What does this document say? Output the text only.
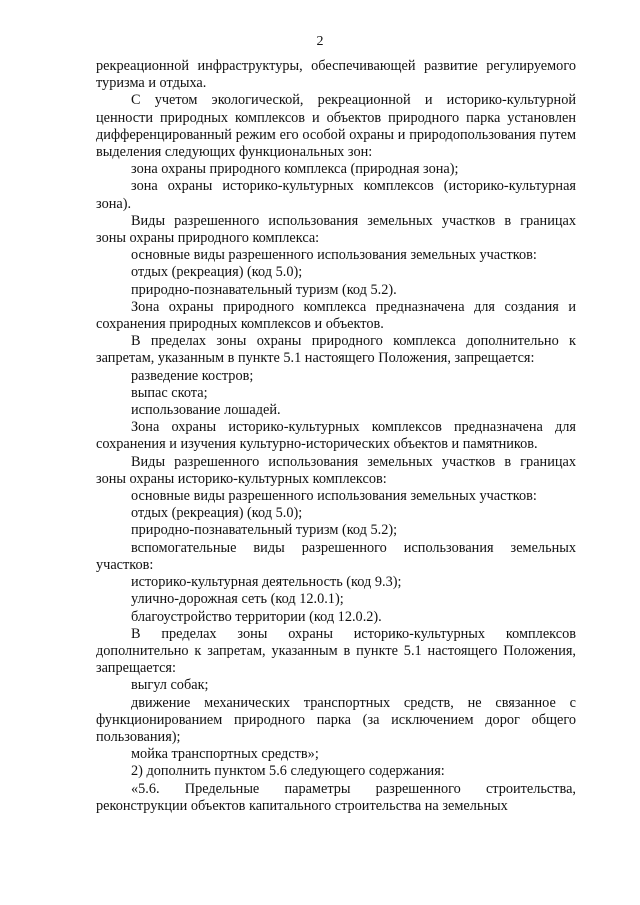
2

рекреационной инфраструктуры, обеспечивающей развитие регулируемого туризма и отдыха.

С учетом экологической, рекреационной и историко-культурной ценности природных комплексов и объектов природного парка установлен дифференцированный режим его особой охраны и природопользования путем выделения следующих функциональных зон:

зона охраны природного комплекса (природная зона);

зона охраны историко-культурных комплексов (историко-культурная зона).

Виды разрешенного использования земельных участков в границах зоны охраны природного комплекса:

основные виды разрешенного использования земельных участков:

отдых (рекреация) (код 5.0);

природно-познавательный туризм (код 5.2).

Зона охраны природного комплекса предназначена для создания и сохранения природных комплексов и объектов.

В пределах зоны охраны природного комплекса дополнительно к запретам, указанным в пункте 5.1 настоящего Положения, запрещается:

разведение костров;

выпас скота;

использование лошадей.

Зона охраны историко-культурных комплексов предназначена для сохранения и изучения культурно-исторических объектов и памятников.

Виды разрешенного использования земельных участков в границах зоны охраны историко-культурных комплексов:

основные виды разрешенного использования земельных участков:

отдых (рекреация) (код 5.0);

природно-познавательный туризм (код 5.2);

вспомогательные виды разрешенного использования земельных участков:

историко-культурная деятельность (код 9.3);

улично-дорожная сеть (код 12.0.1);

благоустройство территории (код 12.0.2).

В пределах зоны охраны историко-культурных комплексов дополнительно к запретам, указанным в пункте 5.1 настоящего Положения, запрещается:

выгул собак;

движение механических транспортных средств, не связанное с функционированием природного парка (за исключением дорог общего пользования);

мойка транспортных средств»;

2) дополнить пунктом 5.6 следующего содержания:

«5.6. Предельные параметры разрешенного строительства, реконструкции объектов капитального строительства на земельных
